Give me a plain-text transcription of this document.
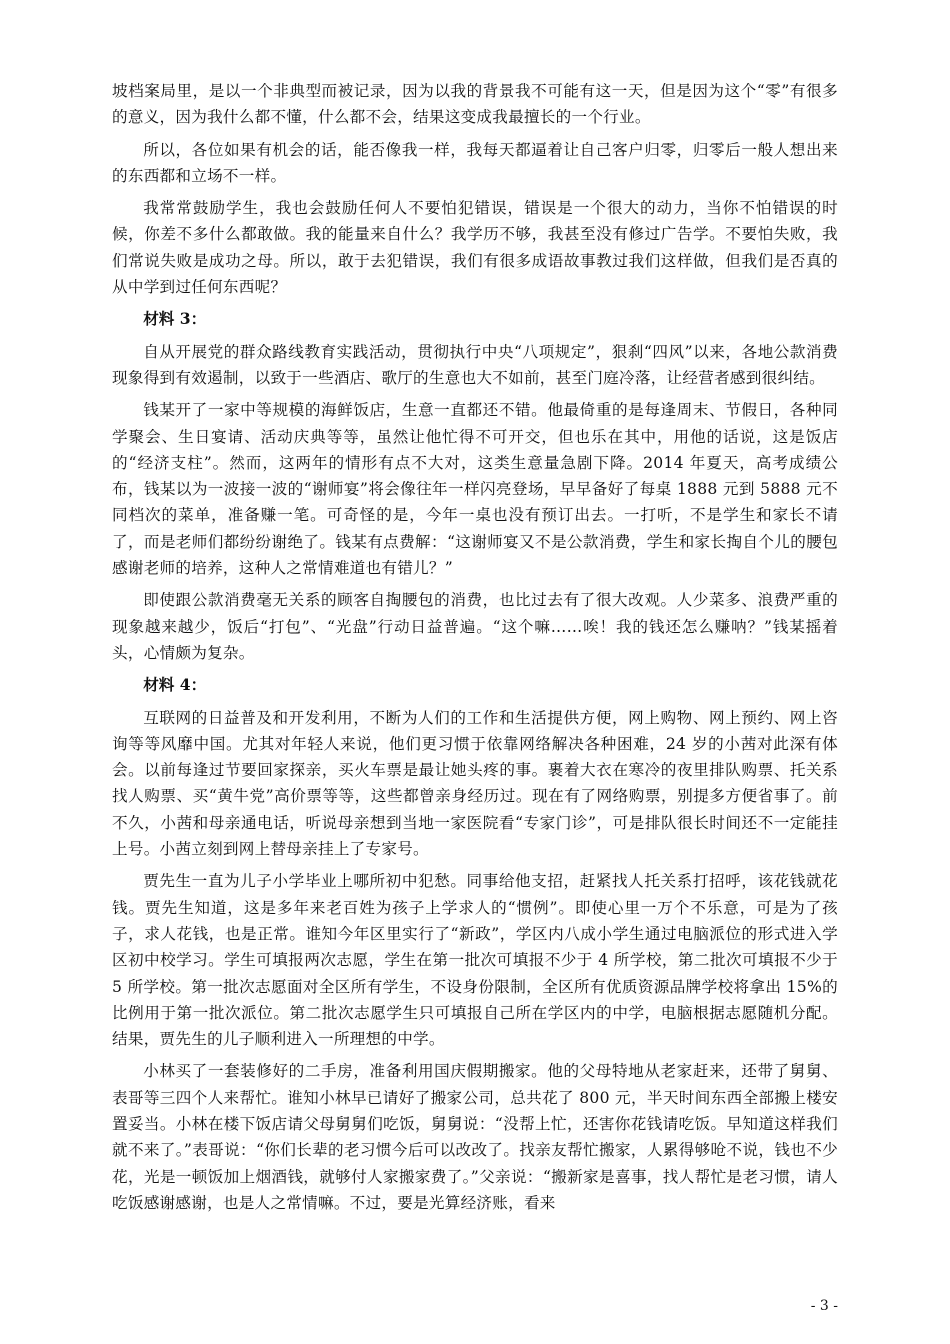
坡档案局里，是以一个非典型而被记录，因为以我的背景我不可能有这一天，但是因为这个“零”有很多的意义，因为我什么都不懂，什么都不会，结果这变成我最擅长的一个行业。

所以，各位如果有机会的话，能否像我一样，我每天都逼着让自己客户归零，归零后一般人想出来的东西都和立场不一样。

我常常鼓励学生，我也会鼓励任何人不要怕犯错误，错误是一个很大的动力，当你不怕错误的时候，你差不多什么都敢做。我的能量来自什么？我学历不够，我甚至没有修过广告学。不要怕失败，我们常说失败是成功之母。所以，敢于去犯错误，我们有很多成语故事教过我们这样做，但我们是否真的从中学到过任何东西呢？

材料 3：

自从开展党的群众路线教育实践活动，贯彻执行中央“八项规定”，狠刹“四风”以来，各地公款消费现象得到有效遏制，以致于一些酒店、歌厅的生意也大不如前，甚至门庭冷落，让经营者感到很纠结。

钱某开了一家中等规模的海鲜饭店，生意一直都还不错。他最倚重的是每逢周末、节假日，各种同学聚会、生日宴请、活动庆典等等，虽然让他忙得不可开交，但也乐在其中，用他的话说，这是饭店的“经济支柱”。然而，这两年的情形有点不大对，这类生意量急剧下降。2014 年夏天，高考成绩公布，钱某以为一波接一波的“谢师宴”将会像往年一样闪亮登场，早早备好了每桌 1888 元到 5888 元不同档次的菜单，准备赚一笔。可奇怪的是，今年一桌也没有预订出去。一打听，不是学生和家长不请了，而是老师们都纷纷谢绝了。钱某有点费解：“这谢师宴又不是公款消费，学生和家长掏自个儿的腰包感谢老师的培养，这种人之常情难道也有错儿？”

即使跟公款消费毫无关系的顾客自掏腰包的消费，也比过去有了很大改观。人少菜多、浪费严重的现象越来越少，饭后“打包”、“光盘”行动日益普遍。“这个嘛……唉！我的钱还怎么赚呐？”钱某摇着头，心情颇为复杂。

材料 4：

互联网的日益普及和开发利用，不断为人们的工作和生活提供方便，网上购物、网上预约、网上咨询等等风靡中国。尤其对年轻人来说，他们更习惯于依靠网络解决各种困难，24 岁的小茜对此深有体会。以前每逢过节要回家探亲，买火车票是最让她头疼的事。裹着大衣在寒冷的夜里排队购票、托关系找人购票、买“黄牛党”高价票等等，这些都曾亲身经历过。现在有了网络购票，别提多方便省事了。前不久，小茜和母亲通电话，听说母亲想到当地一家医院看“专家门诊”，可是排队很长时间还不一定能挂上号。小茜立刻到网上替母亲挂上了专家号。

贾先生一直为儿子小学毕业上哪所初中犯愁。同事给他支招，赶紧找人托关系打招呼，该花钱就花钱。贾先生知道，这是多年来老百姓为孩子上学求人的“惯例”。即使心里一万个不乐意，可是为了孩子，求人花钱，也是正常。谁知今年区里实行了“新政”，学区内八成小学生通过电脑派位的形式进入学区初中校学习。学生可填报两次志愿，学生在第一批次可填报不少于 4 所学校，第二批次可填报不少于 5 所学校。第一批次志愿面对全区所有学生，不设身份限制，全区所有优质资源品牌学校将拿出 15%的比例用于第一批次派位。第二批次志愿学生只可填报自己所在学区内的中学，电脑根据志愿随机分配。结果，贾先生的儿子顺利进入一所理想的中学。

小林买了一套装修好的二手房，准备利用国庆假期搬家。他的父母特地从老家赶来，还带了舅舅、表哥等三四个人来帮忙。谁知小林早已请好了搬家公司，总共花了 800 元，半天时间东西全部搬上楼安置妥当。小林在楼下饭店请父母舅舅们吃饭，舅舅说：“没帮上忙，还害你花钱请吃饭。早知道这样我们就不来了。”表哥说：“你们长辈的老习惯今后可以改改了。找亲友帮忙搬家，人累得够呛不说，钱也不少花，光是一顿饭加上烟酒钱，就够付人家搬家费了。”父亲说：“搬新家是喜事，找人帮忙是老习惯，请人吃饭感谢感谢，也是人之常情嘛。不过，要是光算经济账，看来

- 3 -
